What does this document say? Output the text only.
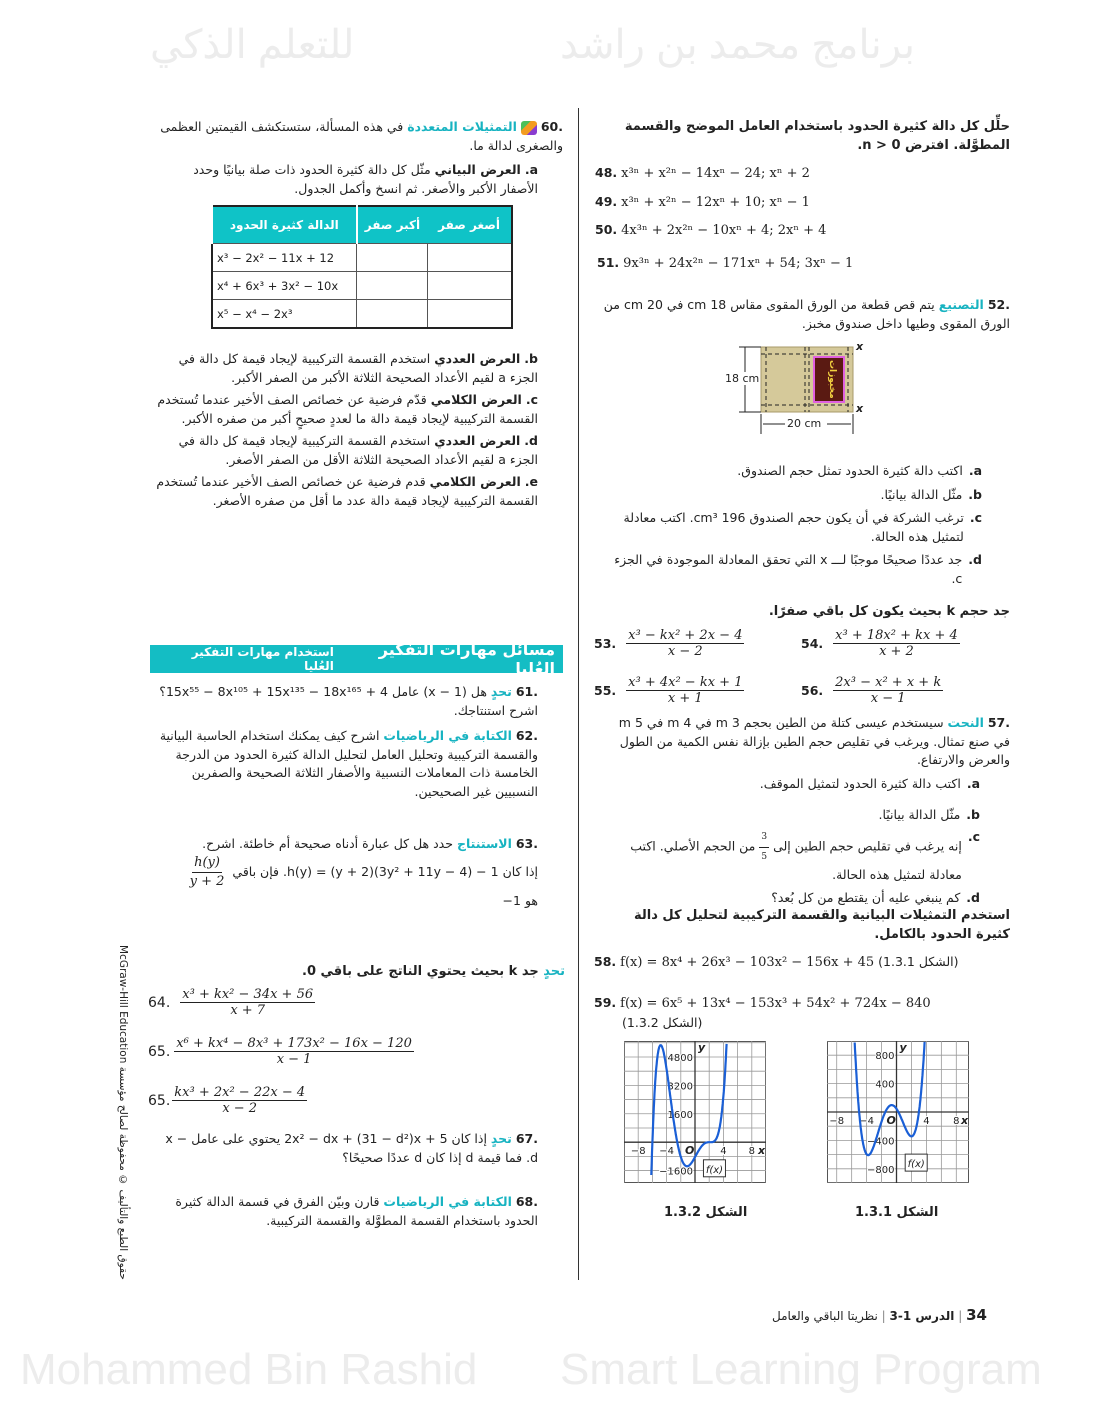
برنامج محمد بن راشد
للتعلم الذكي
Mohammed Bin Rashid Smart Learning Program
حلِّل كل دالة كثيرة الحدود باستخدام العامل الموضح والقسمة المطوَّلة. افترض n > 0.
48. x³ⁿ + x²ⁿ − 14xⁿ − 24; xⁿ + 2
49. x³ⁿ + x²ⁿ − 12xⁿ + 10; xⁿ − 1
50. 4x³ⁿ + 2x²ⁿ − 10xⁿ + 4; 2xⁿ + 4
51. 9x³ⁿ + 24x²ⁿ − 171xⁿ + 54; 3xⁿ − 1
.52 التصنيع يتم قص قطعة من الورق المقوى مقاس 18 cm في 20 cm من الورق المقوى وطيها داخل صندوق مخبز.
مخبوزات
18 cm
20 cm
x
x
a.
اكتب دالة كثيرة الحدود تمثل حجم الصندوق.
b.
مثّل الدالة بيانيًا.
c.
ترغب الشركة في أن يكون حجم الصندوق 196 cm³. اكتب معادلة لتمثيل هذه الحالة.
d.
جد عددًا صحيحًا موجبًا لـــ x التي تحقق المعادلة الموجودة في الجزء c.
جد حجم k بحيث يكون كل باقي صفرًا.
53. $\frac{\text{x³ − kx² + 2x − 4}}{x - 2}$	54. $\frac{\text{x³ + 18x² + kx + 4}}{x + 2}$
55. $\frac{\text{x³ + 4x² − kx + 1}}{x + 1}$	56. $\frac{\text{2x³ − x² + x + k}}{x - 1}$
.57 النحت سيستخدم عيسى كتلة من الطين بحجم 3 m في 4 m في 5 m في صنع تمثال. ويرغب في تقليص حجم الطين بإزالة نفس الكمية من الطول والعرض والارتفاع.
a.
اكتب دالة كثيرة الحدود لتمثيل الموقف.
b.
مثّل الدالة بيانيًا.
c.
إنه يرغب في تقليص حجم الطين إلى
$\frac{3}{5}$
من الحجم الأصلي. اكتب معادلة لتمثيل هذه الحالة.
d.
كم ينبغي عليه أن يقتطع من كل بُعد؟
استخدم التمثيلات البيانية والقسمة التركيبية لتحليل كل دالة كثيرة الحدود بالكامل.
58. f(x) = 8x⁴ + 26x³ − 103x² − 156x + 45 (الشكل 1.3.1)
59. f(x) = 6x⁵ + 13x⁴ − 153x³ + 54x² + 724x − 840
(الشكل 1.3.2)
−8 −4	4 8
4800
3200
1600
−1600
O	x
y
f(x)
الشكل 1.3.2
−8 −4	4 8
800
400
−400
−800
O	x
y
f(x)
الشكل 1.3.1
.60  التمثيلات المتعددة في هذه المسألة، ستستكشف القيمتين العظمى والصغرى لدالة ما.
a. العرض البياني مثّل كل دالة كثيرة الحدود ذات صلة بيانيًا وحدد الأصفار الأكبر والأصغر. ثم انسخ وأكمل الجدول.
الدالة كثيرة الحدود	أكبر صفر	أصغر صفر
x³ − 2x² − 11x + 12		
x⁴ + 6x³ + 3x² − 10x		
x⁵ − x⁴ − 2x³		
b. العرض العددي استخدم القسمة التركيبية لإيجاد قيمة كل دالة في الجزء a لقيم الأعداد الصحيحة الثلاثة الأكبر من الصفر الأكبر.
c. العرض الكلامي قدّم فرضية عن خصائص الصف الأخير عندما تُستخدم القسمة التركيبية لإيجاد قيمة دالة ما لعددٍ صحيحٍ أكبر من صفره الأكبر.
d. العرض العددي استخدم القسمة التركيبية لإيجاد قيمة كل دالة في الجزء a لقيم الأعداد الصحيحة الثلاثة الأقل من الصفر الأصغر.
e. العرض الكلامي قدم فرضية عن خصائص الصف الأخير عندما تُستخدم القسمة التركيبية لإيجاد قيمة دالة عدد ما أقل من صفره الأصغر.
مسائل مهارات التفكير العُليا
استخدام مهارات التفكير العُليا
.61 تحدٍ هل (x − 1) عامل 4 + 15x⁵⁵ − 8x¹⁰⁵ + 15x¹³⁵ − 18x¹⁶⁵؟ اشرح استنتاجك.
.62 الكتابة في الرياضيات اشرح كيف يمكنك استخدام الحاسبة البيانية والقسمة التركيبية وتحليل العامل لتحليل الدالة كثيرة الحدود من الدرجة الخامسة ذات المعاملات النسبية والأصفار الثلاثة الصحيحة والصفرين النسبيين غير الصحيحين.
.63 الاستنتاج حدد هل كل عبارة أدناه صحيحة أم خاطئة. اشرح.
إذا كان h(y) = (y + 2)(3y² + 11y − 4) − 1. فإن باقي
$\frac{h(y)}{y + 2}$
هو 1−
تحدٍ جد k بحيث يحتوي الناتج على باقي 0.
64. $\frac{\text{x³ + kx² − 34x + 56}}{x + 7}$
65. $\frac{\text{x⁶ + kx⁴ − 8x³ + 173x² − 16x − 120}}{x - 1}$
65. $\frac{\text{kx³ + 2x² − 22x − 4}}{x - 2}$
.67 تحدٍ إذا كان 2x² − dx + (31 − d²)x + 5 يحتوي على عامل x − d. فما قيمة d إذا كان d عددًا صحيحًا؟
.68 الكتابة في الرياضيات قارن وبيّن الفرق في قسمة الدالة كثيرة الحدود باستخدام القسمة المطوَّلة والقسمة التركيبية.
حقوق الطبع والتأليف © محفوظة لصالح مؤسسة McGraw-Hill Education
34 | الدرس 1-3 | نظريتا الباقي والعامل
